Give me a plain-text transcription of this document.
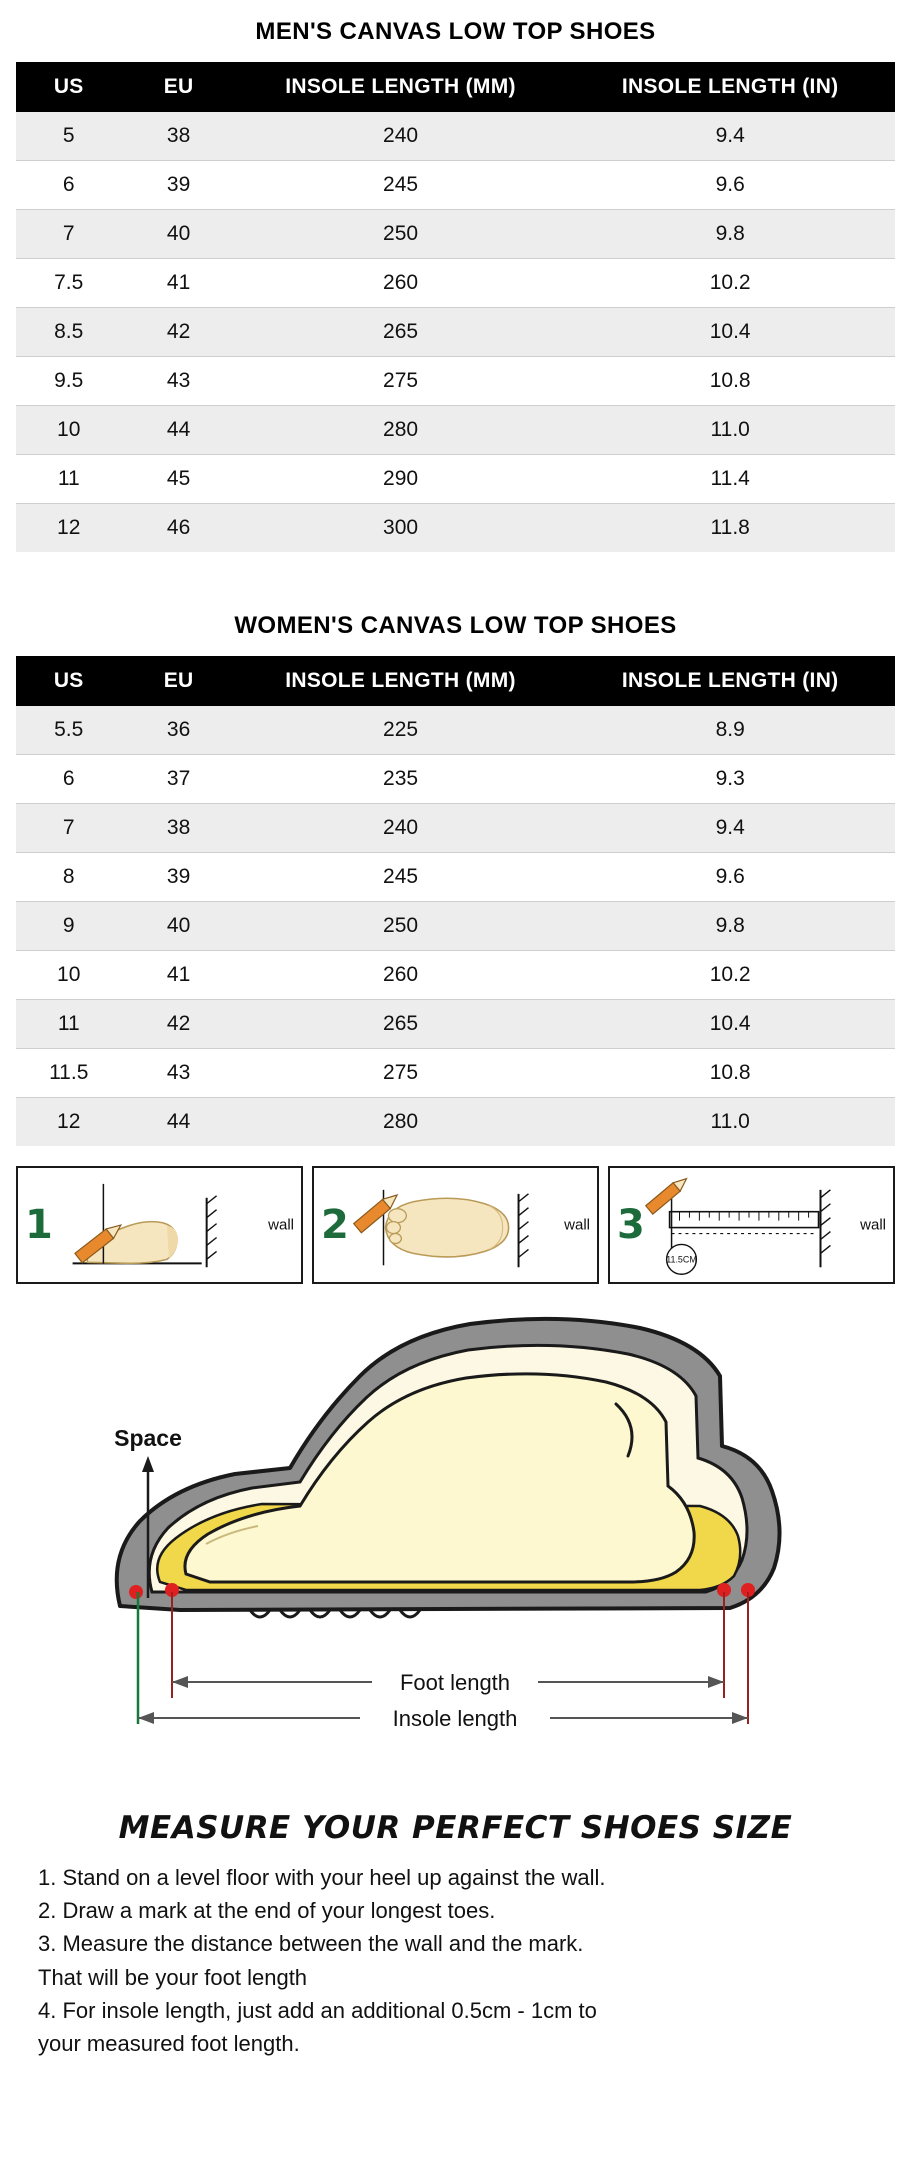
MEN'S CANVAS LOW TOP SHOES
US	EU	INSOLE LENGTH (MM)	INSOLE LENGTH (IN)
5	38	240	9.4
6	39	245	9.6
7	40	250	9.8
7.5	41	260	10.2
8.5	42	265	10.4
9.5	43	275	10.8
10	44	280	11.0
11	45	290	11.4
12	46	300	11.8
WOMEN'S CANVAS LOW TOP SHOES
US	EU	INSOLE LENGTH (MM)	INSOLE LENGTH (IN)
5.5	36	225	8.9
6	37	235	9.3
7	38	240	9.4
8	39	245	9.6
9	40	250	9.8
10	41	260	10.2
11	42	265	10.4
11.5	43	275	10.8
12	44	280	11.0
1	wall 2	wall
11.5CM
3	wall
Space
Foot length
Insole length
MEASURE YOUR PERFECT SHOES SIZE

1. Stand on a level floor with your heel up against the wall.

2. Draw a mark at the end of your longest toes.

3. Measure the distance between the wall and the mark.

That will be your foot length

4. For insole length, just add an additional 0.5cm - 1cm to

your measured foot length.
